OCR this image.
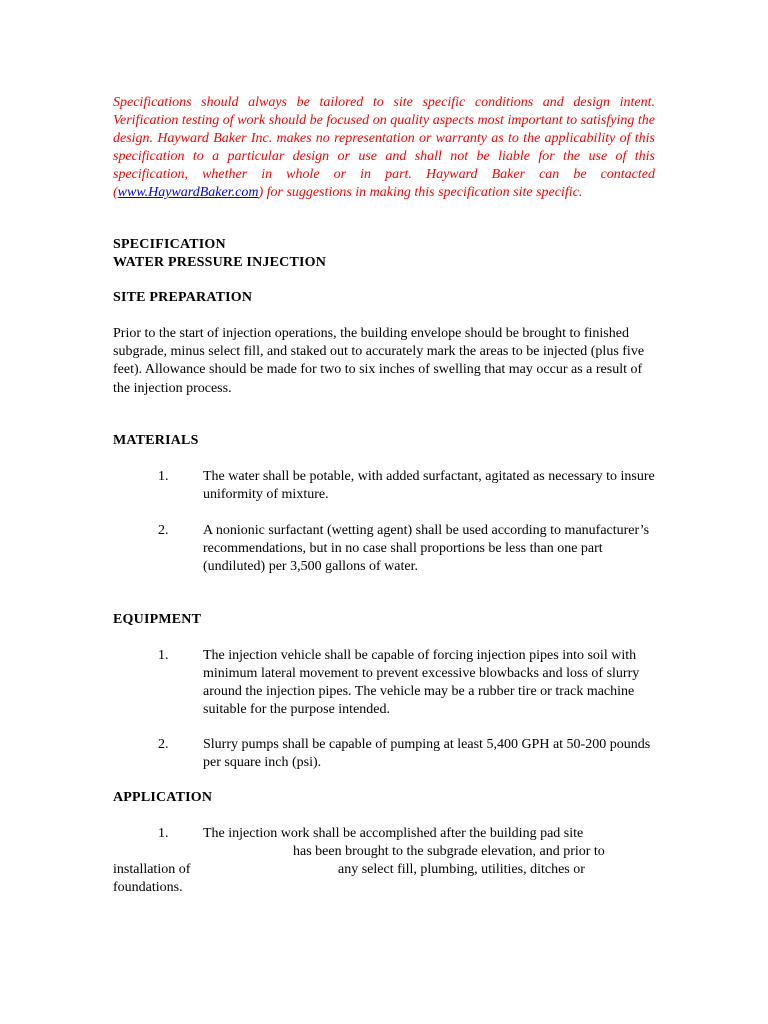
Specifications should always be tailored to site specific conditions and design intent. Verification testing of work should be focused on quality aspects most important to satisfying the design. Hayward Baker Inc. makes no representation or warranty as to the applicability of this specification to a particular design or use and shall not be liable for the use of this specification, whether in whole or in part. Hayward Baker can be contacted (www.HaywardBaker.com) for suggestions in making this specification site specific.
SPECIFICATION
WATER PRESSURE INJECTION
SITE PREPARATION
Prior to the start of injection operations, the building envelope should be brought to finished subgrade, minus select fill, and staked out to accurately mark the areas to be injected (plus five feet). Allowance should be made for two to six inches of swelling that may occur as a result of the injection process.
MATERIALS
1. The water shall be potable, with added surfactant, agitated as necessary to insure uniformity of mixture.
2. A nonionic surfactant (wetting agent) shall be used according to manufacturer’s recommendations, but in no case shall proportions be less than one part (undiluted) per 3,500 gallons of water.
EQUIPMENT
1. The injection vehicle shall be capable of forcing injection pipes into soil with minimum lateral movement to prevent excessive blowbacks and loss of slurry around the injection pipes. The vehicle may be a rubber tire or track machine suitable for the purpose intended.
2. Slurry pumps shall be capable of pumping at least 5,400 GPH at 50-200 pounds per square inch (psi).
APPLICATION
1. The injection work shall be accomplished after the building pad site
has been brought to the subgrade elevation, and prior to
installation of	any select fill, plumbing, utilities, ditches or
foundations.
